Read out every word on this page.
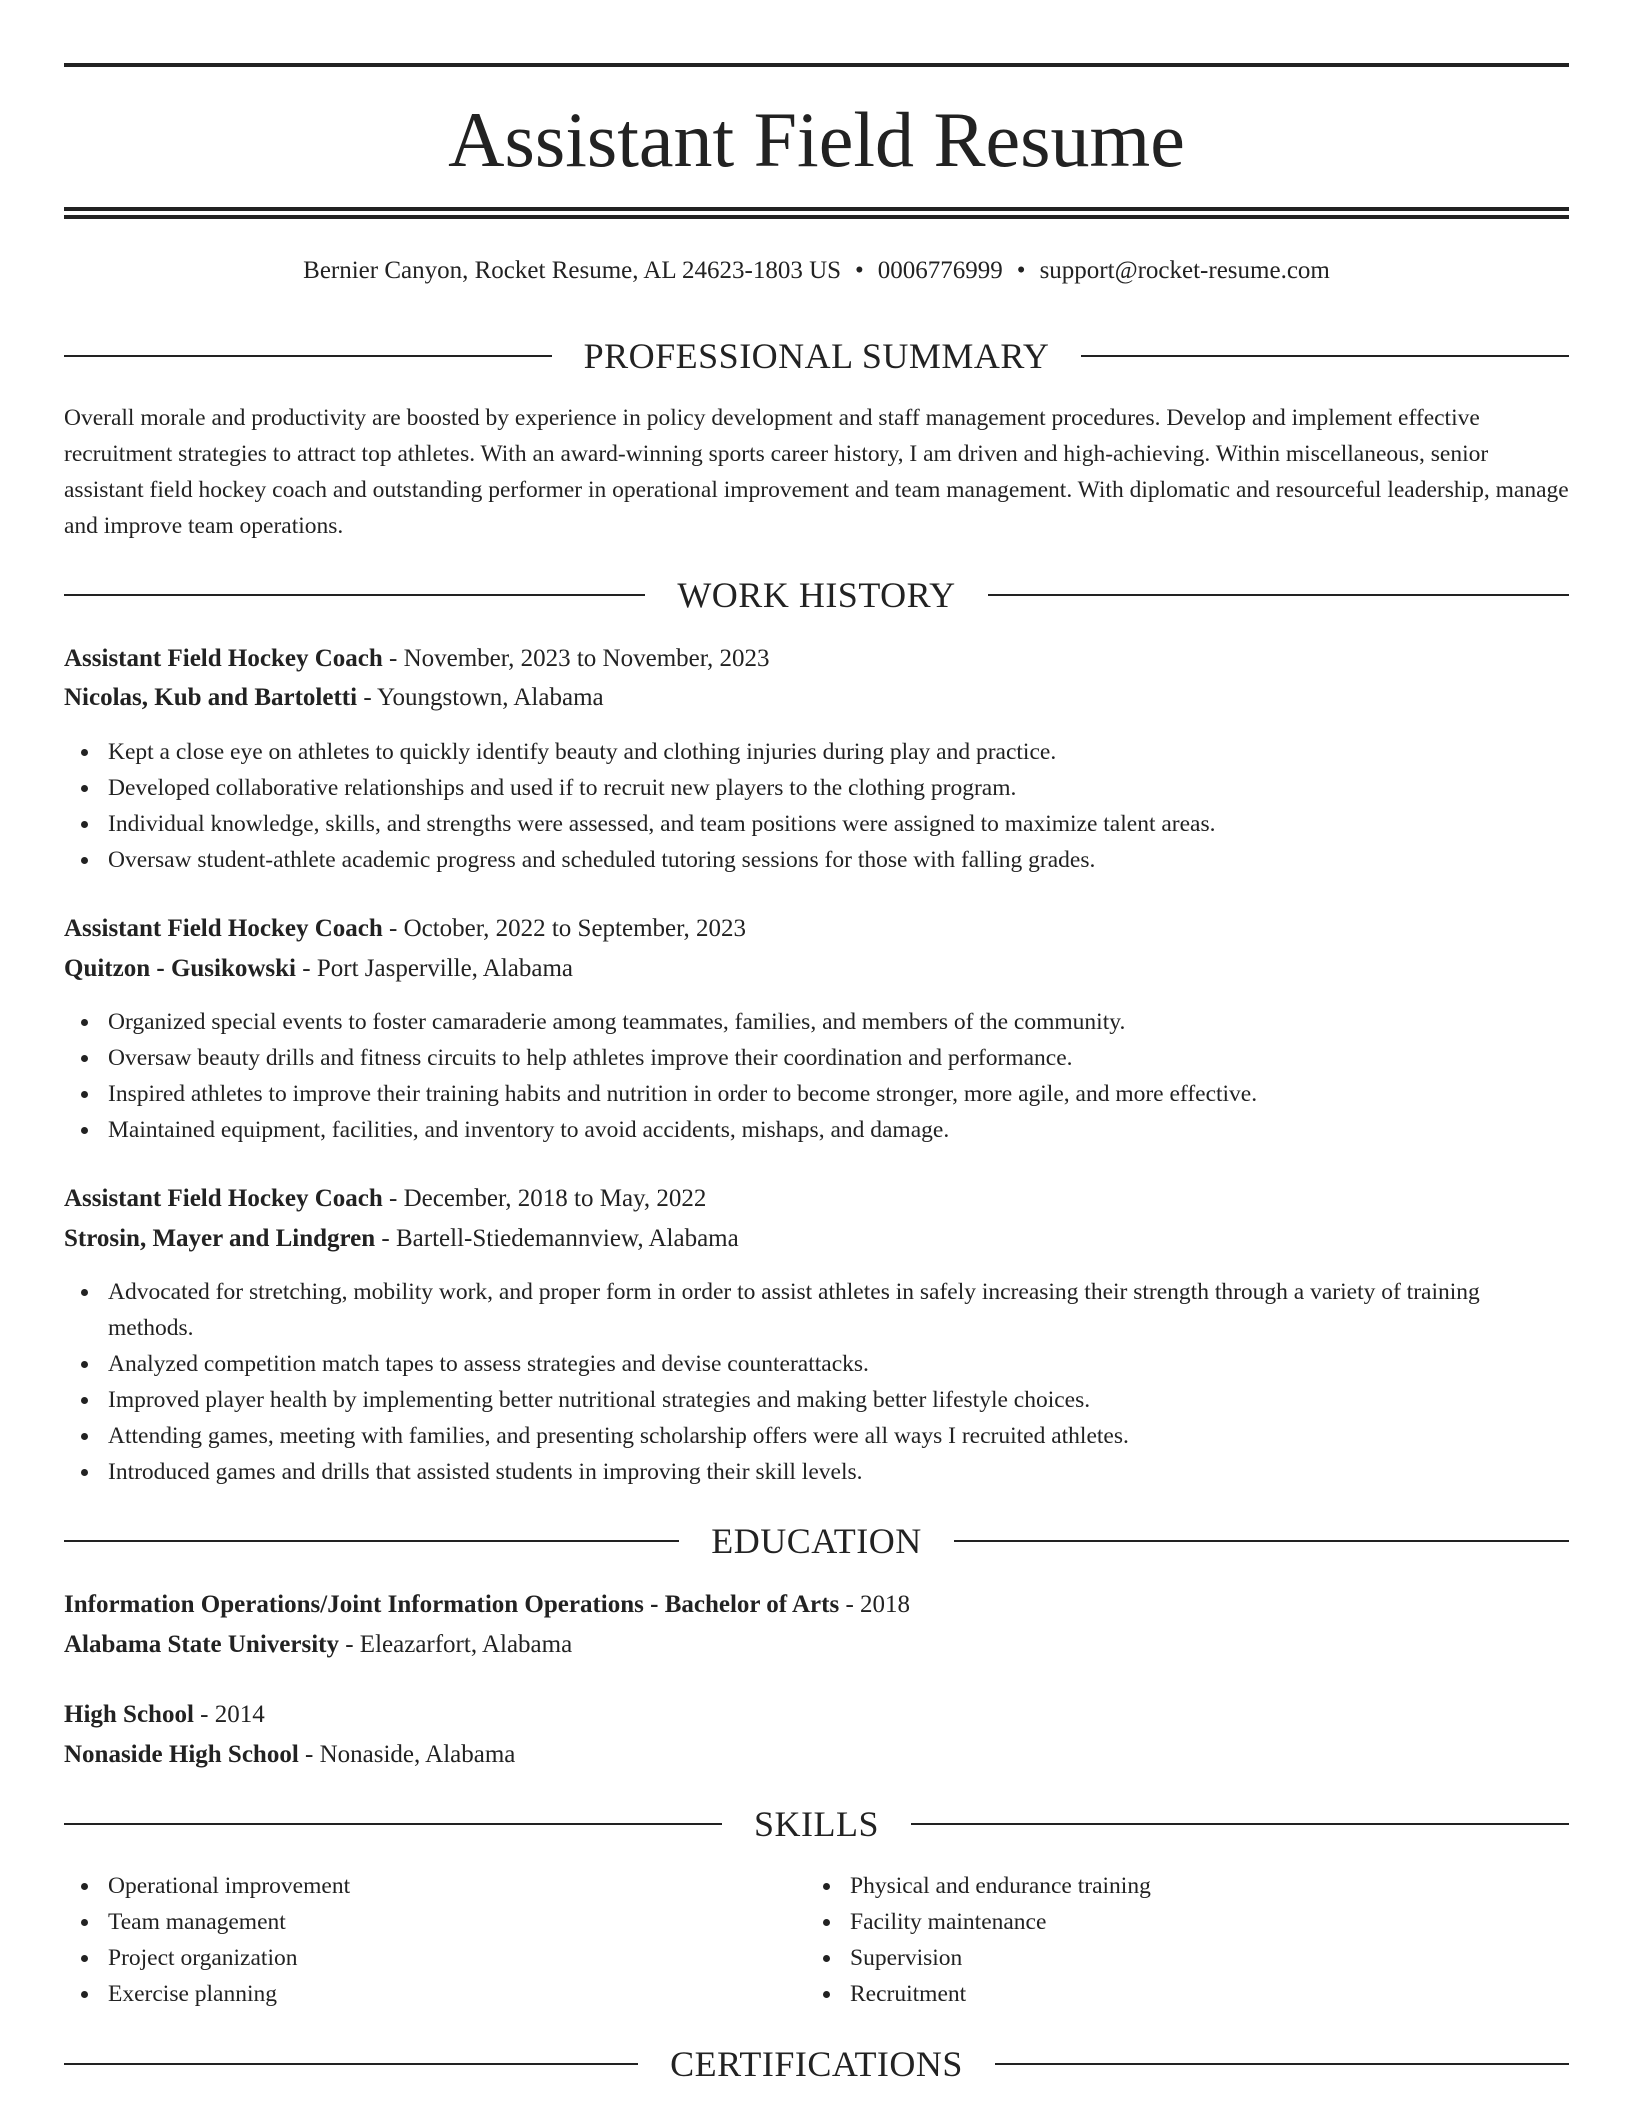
Assistant Field Resume
Bernier Canyon, Rocket Resume, AL 24623-1803 US • 0006776999 • support@rocket-resume.com
PROFESSIONAL SUMMARY

Overall morale and productivity are boosted by experience in policy development and staff management procedures. Develop and implement effective recruitment strategies to attract top athletes. With an award-winning sports career history, I am driven and high-achieving. Within miscellaneous, senior assistant field hockey coach and outstanding performer in operational improvement and team management. With diplomatic and resourceful leadership, manage and improve team operations.

WORK HISTORY
Assistant Field Hockey Coach - November, 2023 to November, 2023
Nicolas, Kub and Bartoletti - Youngstown, Alabama
Kept a close eye on athletes to quickly identify beauty and clothing injuries during play and practice.
Developed collaborative relationships and used if to recruit new players to the clothing program.
Individual knowledge, skills, and strengths were assessed, and team positions were assigned to maximize talent areas.
Oversaw student-athlete academic progress and scheduled tutoring sessions for those with falling grades.
Assistant Field Hockey Coach - October, 2022 to September, 2023
Quitzon - Gusikowski - Port Jasperville, Alabama
Organized special events to foster camaraderie among teammates, families, and members of the community.
Oversaw beauty drills and fitness circuits to help athletes improve their coordination and performance.
Inspired athletes to improve their training habits and nutrition in order to become stronger, more agile, and more effective.
Maintained equipment, facilities, and inventory to avoid accidents, mishaps, and damage.
Assistant Field Hockey Coach - December, 2018 to May, 2022
Strosin, Mayer and Lindgren - Bartell-Stiedemannview, Alabama
Advocated for stretching, mobility work, and proper form in order to assist athletes in safely increasing their strength through a variety of training methods.
Analyzed competition match tapes to assess strategies and devise counterattacks.
Improved player health by implementing better nutritional strategies and making better lifestyle choices.
Attending games, meeting with families, and presenting scholarship offers were all ways I recruited athletes.
Introduced games and drills that assisted students in improving their skill levels.
EDUCATION
Information Operations/Joint Information Operations - Bachelor of Arts - 2018
Alabama State University - Eleazarfort, Alabama
High School - 2014
Nonaside High School - Nonaside, Alabama
SKILLS
Operational improvement
Team management
Project organization
Exercise planning
Physical and endurance training
Facility maintenance
Supervision
Recruitment
CERTIFICATIONS
